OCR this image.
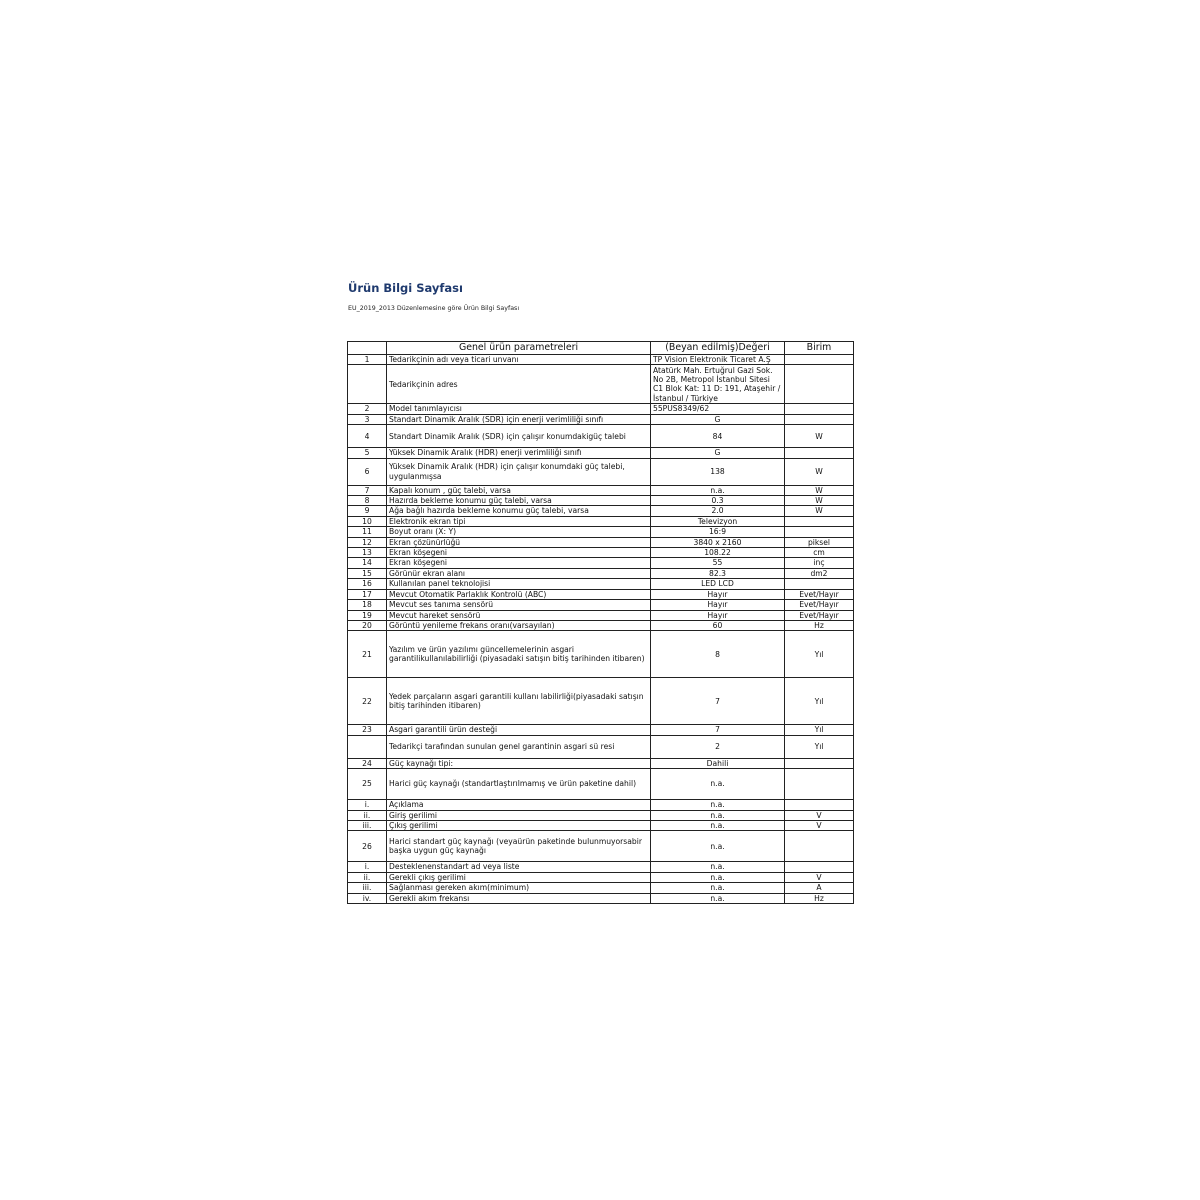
Ürün Bilgi Sayfası
EU_2019_2013 Düzenlemesine göre Ürün Bilgi Sayfası
	Genel ürün parametreleri	(Beyan edilmiş)Değeri	Birim
1	Tedarikçinin adı veya ticari unvanı	TP Vision Elektronik Ticaret A.Ş	
	Tedarikçinin adres	Atatürk Mah. Ertuğrul Gazi Sok. No 2B, Metropol İstanbul Sitesi C1 Blok Kat: 11 D: 191, Ataşehir / İstanbul / Türkiye	
2	Model tanımlayıcısı	55PUS8349/62	
3	Standart Dinamik Aralık (SDR) için enerji verimliliği sınıfı	G	
4	Standart Dinamik Aralık (SDR) için çalışır konumdakigüç talebi	84	W
5	Yüksek Dinamik Aralık (HDR) enerji verimliliği sınıfı	G	
6	Yüksek Dinamik Aralık (HDR) için çalışır konumdaki güç talebi, uygulanmışsa	138	W
7	Kapalı konum , güç talebi, varsa	n.a.	W
8	Hazırda bekleme konumu güç talebi, varsa	0.3	W
9	Ağa bağlı hazırda bekleme konumu güç talebi, varsa	2.0	W
10	Elektronik ekran tipi	Televizyon	
11	Boyut oranı (X: Y)	16:9	
12	Ekran çözünürlüğü	3840 x 2160	piksel
13	Ekran köşegeni	108.22	cm
14	Ekran köşegeni	55	inç
15	Görünür ekran alanı	82.3	dm2
16	Kullanılan panel teknolojisi	LED LCD	
17	Mevcut Otomatik Parlaklık Kontrolü (ABC)	Hayır	Evet/Hayır
18	Mevcut ses tanıma sensörü	Hayır	Evet/Hayır
19	Mevcut hareket sensörü	Hayır	Evet/Hayır
20	Görüntü yenileme frekans oranı(varsayılan)	60	Hz
21	Yazılım ve ürün yazılımı güncellemelerinin asgari garantilikullanılabilirliği (piyasadaki satışın bitiş tarihinden itibaren)	8	Yıl
22	Yedek parçaların asgari garantili kullanı labilirliği(piyasadaki satışın bitiş tarihinden itibaren)	7	Yıl
23	Asgari garantili ürün desteği	7	Yıl
	Tedarikçi tarafından sunulan genel garantinin asgari sü resi	2	Yıl
24	Güç kaynağı tipi:	Dahili	
25	Harici güç kaynağı (standartlaştırılmamış ve ürün paketine dahil)	n.a.	
i.	Açıklama	n.a.	
ii.	Giriş gerilimi	n.a.	V
iii.	Çıkış gerilimi	n.a.	V
26	Harici standart güç kaynağı (veyaürün paketinde bulunmuyorsabir başka uygun güç kaynağı	n.a.	
i.	Desteklenenstandart ad veya liste	n.a.	
ii.	Gerekli çıkış gerilimi	n.a.	V
iii.	Sağlanması gereken akım(minimum)	n.a.	A
iv.	Gerekli akım frekansı	n.a.	Hz
